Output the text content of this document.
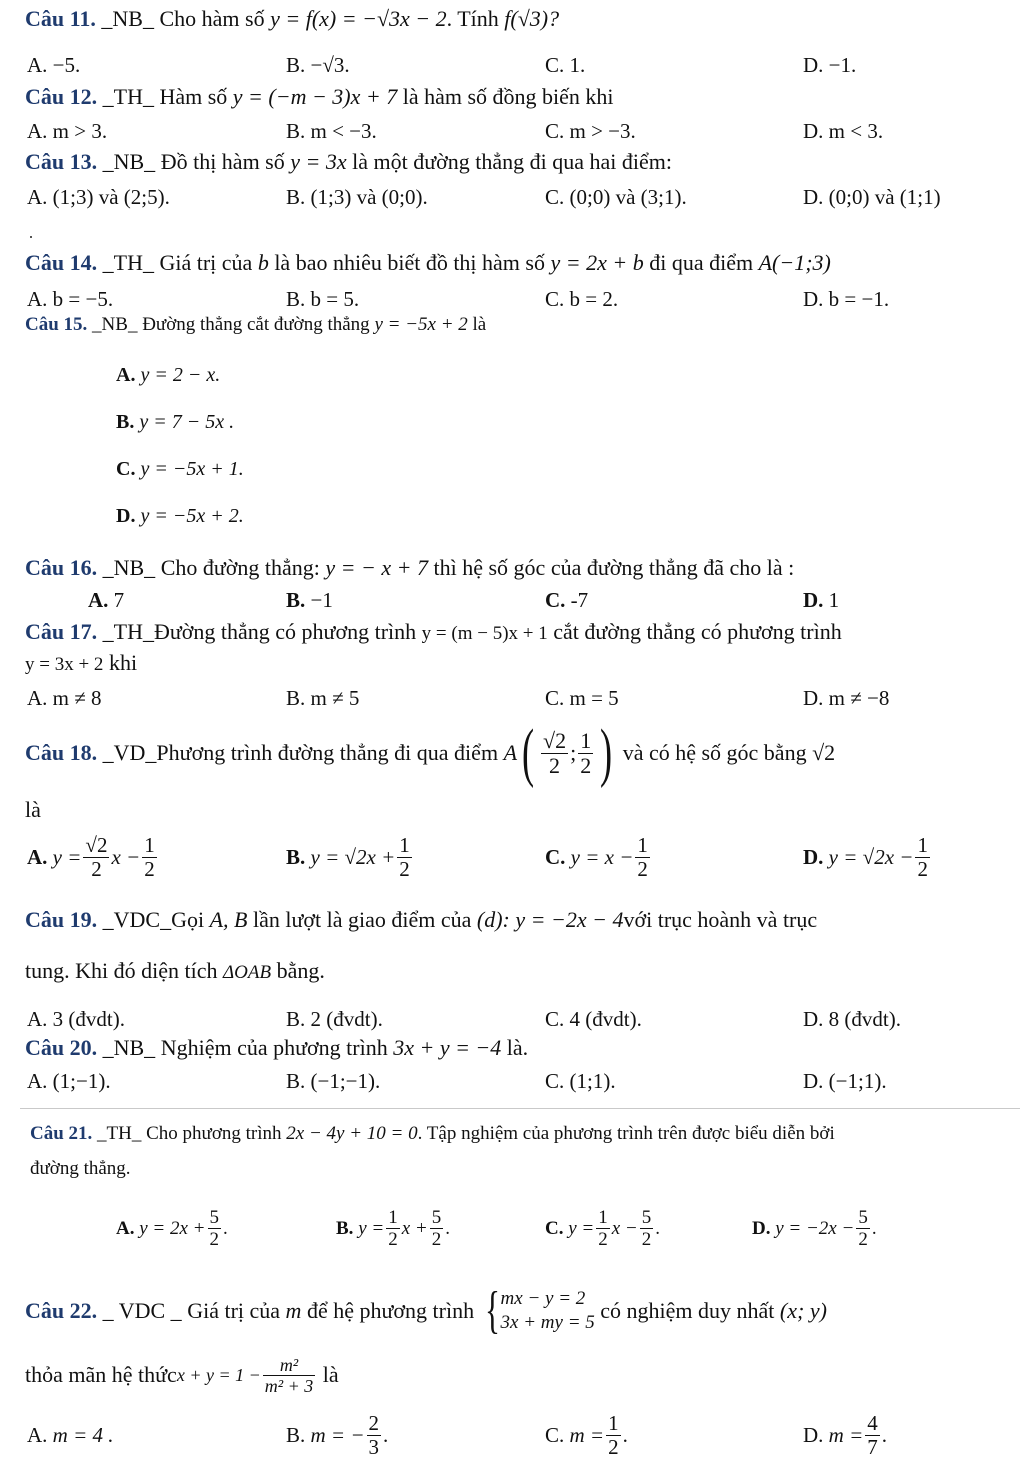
Câu 11. _NB_ Cho hàm số y = f(x) = −√3x − 2. Tính f(√3)?
A. −5.	B. −√3.	C. 1.	D. −1.
Câu 12. _TH_ Hàm số y = (−m − 3)x + 7 là hàm số đồng biến khi
A. m > 3.	B. m < −3.	C. m > −3.	D. m < 3.
Câu 13. _NB_ Đồ thị hàm số y = 3x là một đường thẳng đi qua hai điểm:
A. (1;3) và (2;5).	B. (1;3) và (0;0).	C. (0;0) và (3;1).	D. (0;0) và (1;1)
Câu 14. _TH_ Giá trị của b là bao nhiêu biết đồ thị hàm số y = 2x + b đi qua điểm A(−1;3)
A. b = −5.	B. b = 5.	C. b = 2.	D. b = −1.
Câu 15. _NB_ Đường thẳng cắt đường thẳng y = −5x + 2 là
A. y = 2 − x.
B. y = 7 − 5x .
C. y = −5x + 1.
D. y = −5x + 2.
Câu 16. _NB_ Cho đường thẳng: y = − x + 7 thì hệ số góc của đường thẳng đã cho là :
A. 7	B. −1	C. -7	D. 1
Câu 17. _TH_Đường thẳng có phương trình y = (m − 5)x + 1 cắt đường thẳng có phương trình
y = 3x + 2 khi
A. m ≠ 8	B. m ≠ 5	C. m = 5	D. m ≠ −8
Câu 18.
_VD_ Phương trình đường thẳng đi qua điểm
A ( $\frac{√2}{2}$ ; $\frac{1}{2}$ )
và có hệ số góc bằng
√2
là
A.
$y = \frac{√2}{2}$ $x - \frac{1}{2}$	B.
$y = √2x + \frac{1}{2}$	C.
$y = x - \frac{1}{2}$	D.
$y = √2x - \frac{1}{2}$
Câu 19. _VDC_Gọi A, B lần lượt là giao điểm của (d): y = −2x − 4với trục hoành và trục
tung. Khi đó diện tích ΔOAB bằng.
A. 3 (đvdt).	B. 2 (đvdt).	C. 4 (đvdt).	D. 8 (đvdt).
Câu 20. _NB_ Nghiệm của phương trình 3x + y = −4 là.
A. (1;−1).	B. (−1;−1).	C. (1;1).	D. (−1;1).
Câu 21. _TH_ Cho phương trình 2x − 4y + 10 = 0. Tập nghiệm của phương trình trên được biểu diễn bởi
đường thẳng.
A.
$y = 2x + \frac{5}{2}$ .	B.
$y = \frac{1}{2}$ $x + \frac{5}{2}$ .	C.
$y = \frac{1}{2}$ $x - \frac{5}{2}$ .	D.
$y = -2x - \frac{5}{2}$ .
Câu 22.
_ VDC _
Giá trị của
m
để hệ phương trình
{ mx − y = 2
3x + my = 5
có nghiệm duy nhất
(x; y)
thỏa mãn hệ thức $x + y = 1 - \frac{\text{m²}}{\text{m² + 3}}$
là
A.
m = 4 .	B.
m = − $\frac{2}{3}$ .	C.
$m = \frac{1}{2}$ .	D.
$m = \frac{4}{7}$ .
